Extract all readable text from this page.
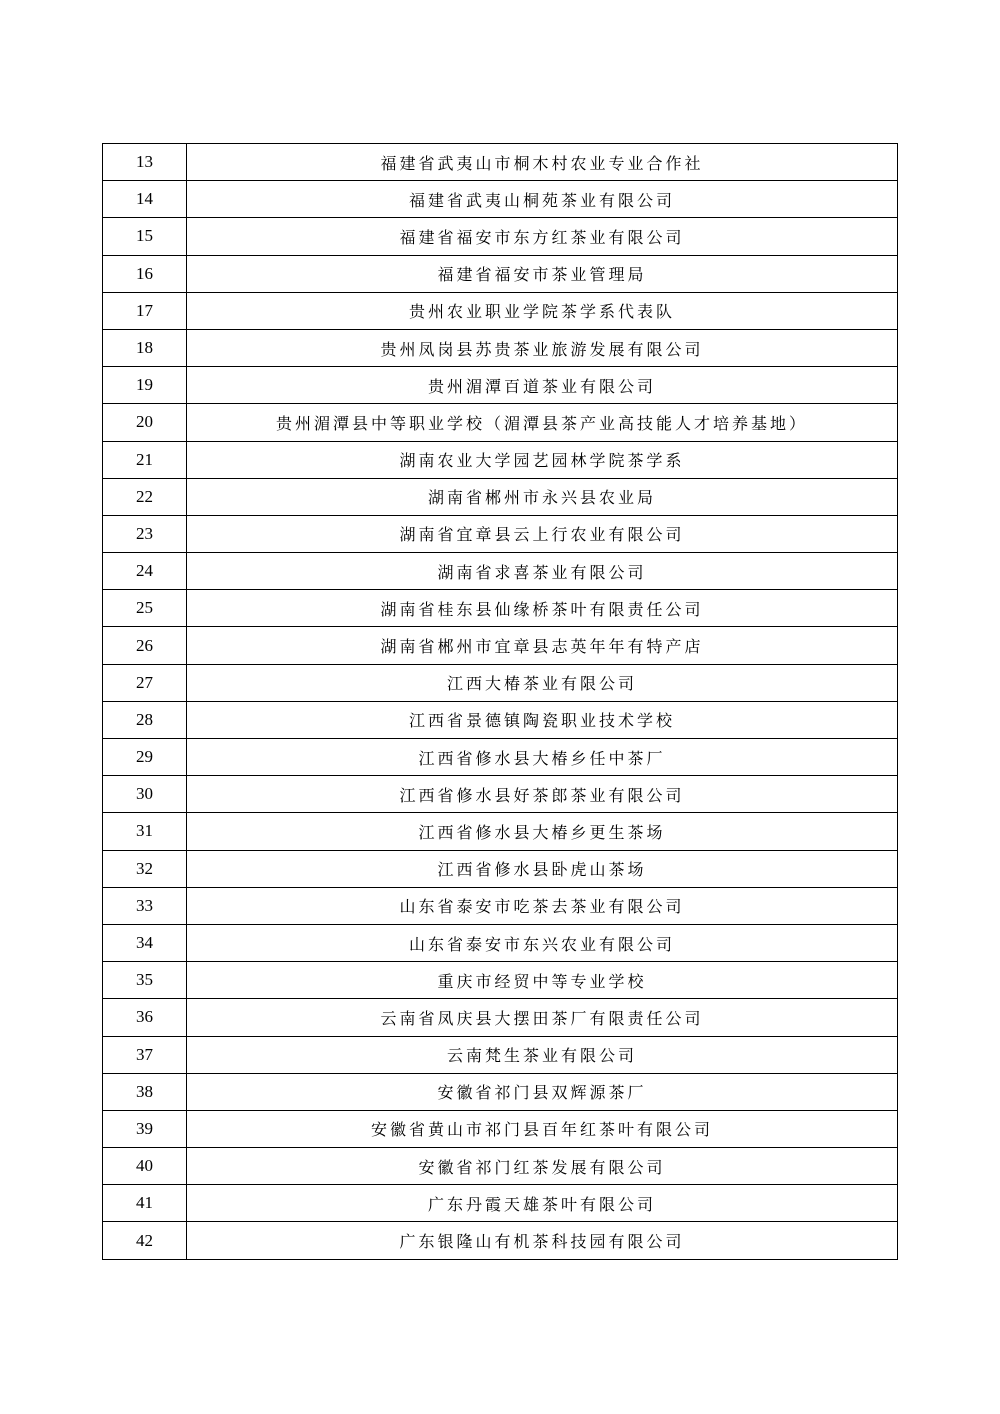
13	福建省武夷山市桐木村农业专业合作社
14	福建省武夷山桐苑茶业有限公司
15	福建省福安市东方红茶业有限公司
16	福建省福安市茶业管理局
17	贵州农业职业学院茶学系代表队
18	贵州凤岗县苏贵茶业旅游发展有限公司
19	贵州湄潭百道茶业有限公司
20	贵州湄潭县中等职业学校（湄潭县茶产业高技能人才培养基地）
21	湖南农业大学园艺园林学院茶学系
22	湖南省郴州市永兴县农业局
23	湖南省宜章县云上行农业有限公司
24	湖南省求喜茶业有限公司
25	湖南省桂东县仙缘桥茶叶有限责任公司
26	湖南省郴州市宜章县志英年年有特产店
27	江西大椿茶业有限公司
28	江西省景德镇陶瓷职业技术学校
29	江西省修水县大椿乡任中茶厂
30	江西省修水县好茶郎茶业有限公司
31	江西省修水县大椿乡更生茶场
32	江西省修水县卧虎山茶场
33	山东省泰安市吃茶去茶业有限公司
34	山东省泰安市东兴农业有限公司
35	重庆市经贸中等专业学校
36	云南省凤庆县大摆田茶厂有限责任公司
37	云南梵生茶业有限公司
38	安徽省祁门县双辉源茶厂
39	安徽省黄山市祁门县百年红茶叶有限公司
40	安徽省祁门红茶发展有限公司
41	广东丹霞天雄茶叶有限公司
42	广东银隆山有机茶科技园有限公司
